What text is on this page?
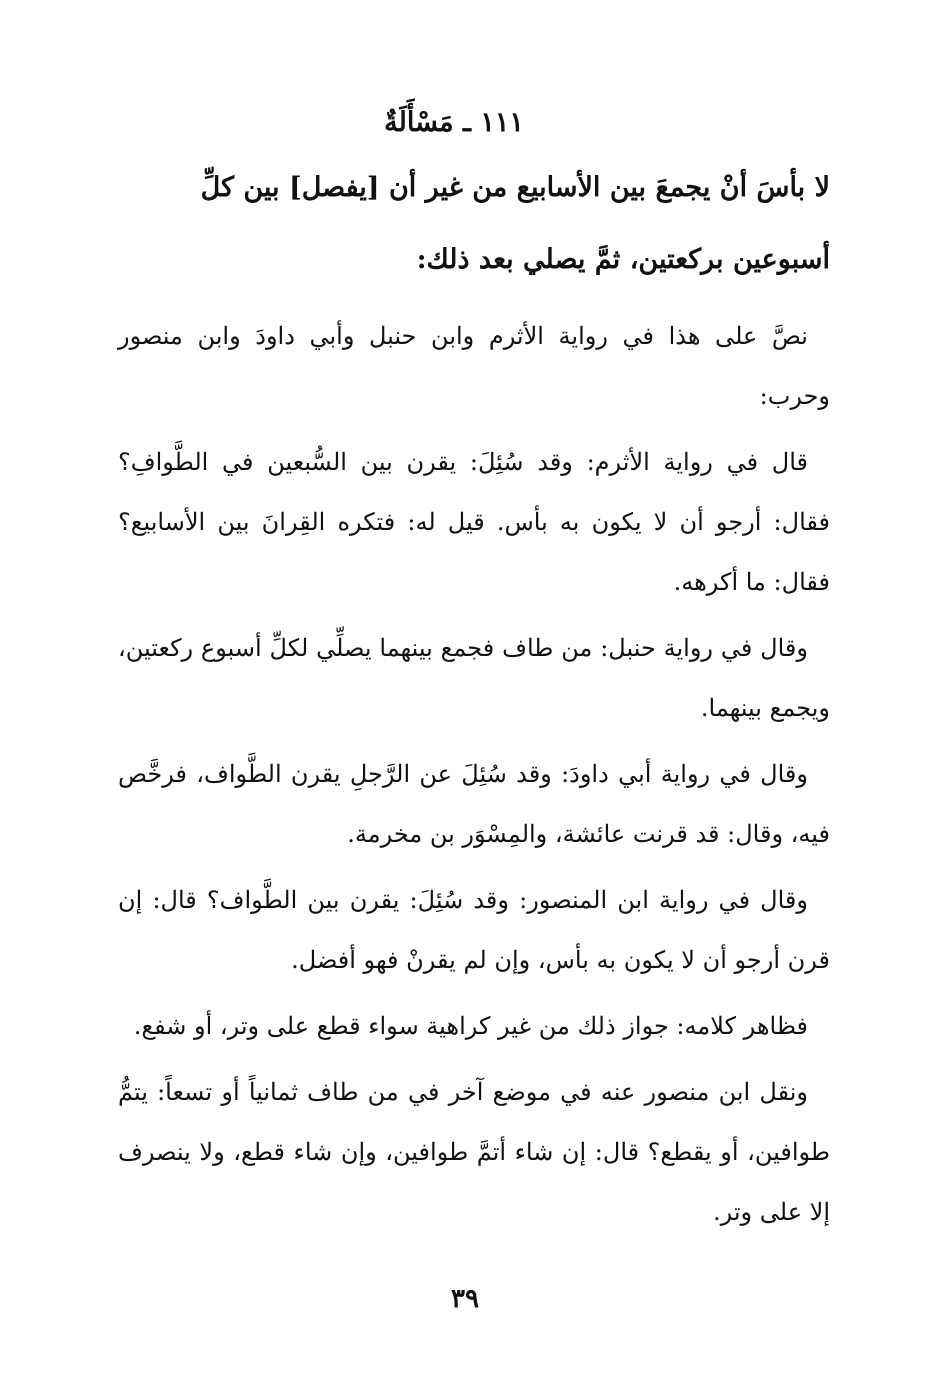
١١١ ـ مَسْأَلَةٌ
لا بأسَ أنْ يجمعَ بين الأسابيع من غير أن [يفصل] بين كلِّ أسبوعين بركعتين، ثمَّ يصلي بعد ذلك:

نصَّ على هذا في رواية الأثرم وابن حنبل وأبي داودَ وابن منصور وحرب:

قال في رواية الأثرم: وقد سُئِلَ: يقرن بين السُّبعين في الطَّوافِ؟ فقال: أرجو أن لا يكون به بأس. قيل له: فتكره القِرانَ بين الأسابيع؟ فقال: ما أكرهه.

وقال في رواية حنبل: من طاف فجمع بينهما يصلِّي لكلِّ أسبوع ركعتين، ويجمع بينهما.

وقال في رواية أبي داودَ: وقد سُئِلَ عن الرَّجلِ يقرن الطَّواف، فرخَّص فيه، وقال: قد قرنت عائشة، والمِسْوَر بن مخرمة.

وقال في رواية ابن المنصور: وقد سُئِلَ: يقرن بين الطَّواف؟ قال: إن قرن أرجو أن لا يكون به بأس، وإن لم يقرنْ فهو أفضل.

فظاهر كلامه: جواز ذلك من غير كراهية سواء قطع على وتر، أو شفع.

ونقل ابن منصور عنه في موضع آخر في من طاف ثمانياً أو تسعاً: يتمُّ طوافين، أو يقطع؟ قال: إن شاء أتمَّ طوافين، وإن شاء قطع، ولا ينصرف إلا على وتر.

٣٩
